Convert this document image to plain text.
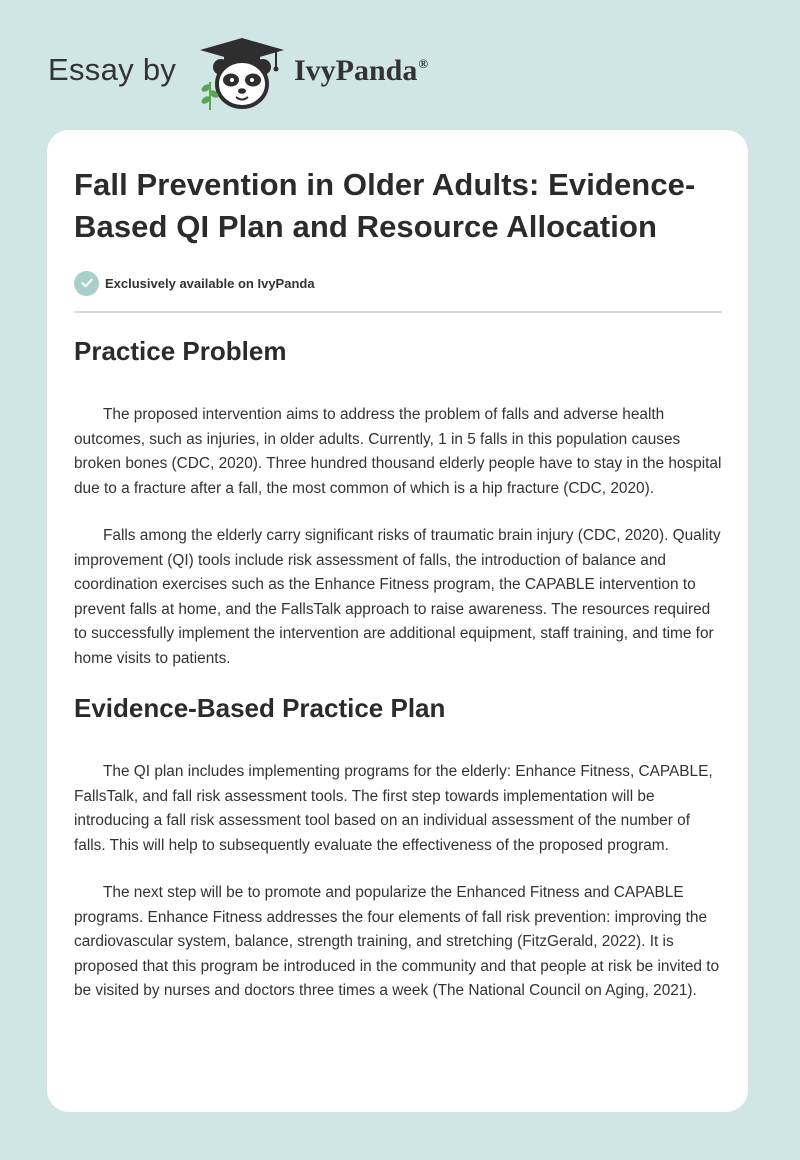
Essay by	IvyPanda®
Fall Prevention in Older Adults: Evidence-Based QI Plan and Resource Allocation
Exclusively available on IvyPanda
Practice Problem

The proposed intervention aims to address the problem of falls and adverse health outcomes, such as injuries, in older adults. Currently, 1 in 5 falls in this population causes broken bones (CDC, 2020). Three hundred thousand elderly people have to stay in the hospital due to a fracture after a fall, the most common of which is a hip fracture (CDC, 2020).

Falls among the elderly carry significant risks of traumatic brain injury (CDC, 2020). Quality improvement (QI) tools include risk assessment of falls, the introduction of balance and coordination exercises such as the Enhance Fitness program, the CAPABLE intervention to prevent falls at home, and the FallsTalk approach to raise awareness. The resources required to successfully implement the intervention are additional equipment, staff training, and time for home visits to patients.

Evidence-Based Practice Plan

The QI plan includes implementing programs for the elderly: Enhance Fitness, CAPABLE, FallsTalk, and fall risk assessment tools. The first step towards implementation will be introducing a fall risk assessment tool based on an individual assessment of the number of falls. This will help to subsequently evaluate the effectiveness of the proposed program.

The next step will be to promote and popularize the Enhanced Fitness and CAPABLE programs. Enhance Fitness addresses the four elements of fall risk prevention: improving the cardiovascular system, balance, strength training, and stretching (FitzGerald, 2022). It is proposed that this program be introduced in the community and that people at risk be invited to be visited by nurses and doctors three times a week (The National Council on Aging, 2021).
